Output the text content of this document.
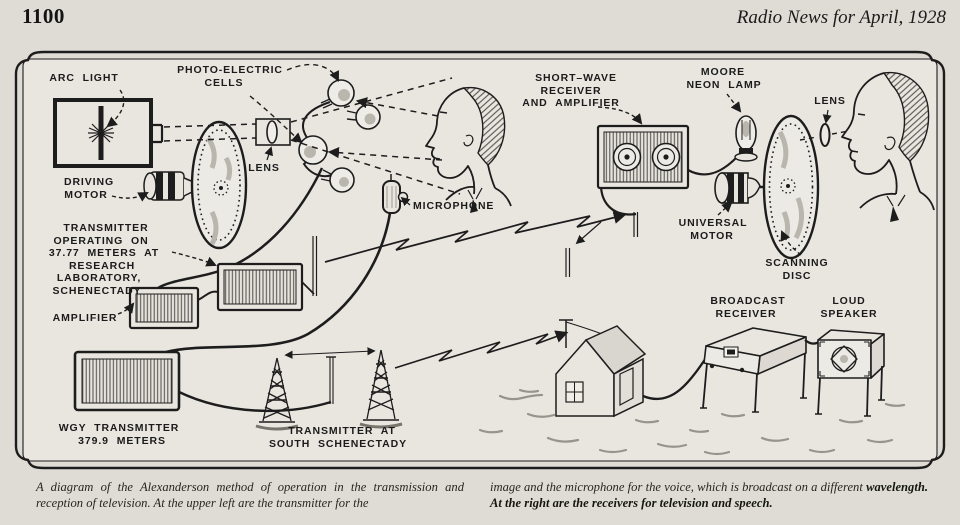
1100	Radio News for April, 1928
ARC LIGHT
PHOTO-ELECTRIC
CELLS
LENS
DRIVING
MOTOR
TRANSMITTER
OPERATING ON
37.77 METERS AT
RESEARCH
LABORATORY,
SCHENECTADY
AMPLIFIER
MICROPHONE
SHORT–WAVE
RECEIVER
AND AMPLIFIER
MOORE
NEON LAMP
LENS
UNIVERSAL
MOTOR
SCANNING
DISC
WGY TRANSMITTER
379.9 METERS
TRANSMITTER AT
SOUTH SCHENECTADY
BROADCAST
RECEIVER
LOUD
SPEAKER
A diagram of the Alexanderson method of operation in the transmission and reception of television. At the upper left are the transmitter for the
image and the microphone for the voice, which is broadcast on a different wavelength. At the right are the receivers for television and speech.
